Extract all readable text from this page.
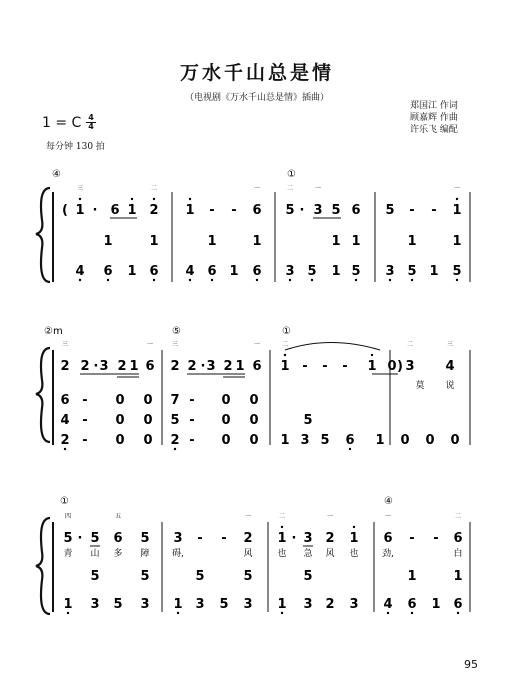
万水千山总是情
（电视剧《万水千山总是情》插曲）
郑国江 作词
顾嘉辉 作曲
许乐飞 编配
1 = C 4
4
每分钟 130 拍
④	①
( 1 · 6 1 2 1 - - 6 5 · 3 5 6 5 - - 1
三	二	一	二	一	一
1	1	1	1	1 1	1	1
4 6 1 6 4 6 1 6 3 5 1 5 3 5 1 5
②m	⑤	①
2 2 · 3 2 1 6 2 2 · 3 2 1 6 1 - - - 1 0 ) 3 4
三	一	三	一	二	二	三
莫 说
6 - 0 0 7 - 0 0
4 - 0 0 5 - 0 0	5
2 - 0 0 2 - 0 0 1 3 5 6 1 0 0 0
①	④
5 · 5 6 5 3 - - 2 1 · 3 2 1 6 - - 6
四	五	一	二	一	一	二
青 山 多 障	碍,	风	也 急 风 也	劲,	白
5	5	5	5	5	1	1
1 3 5 3 1 3 5 3 1 3 2 3 4 6 1 6
95
